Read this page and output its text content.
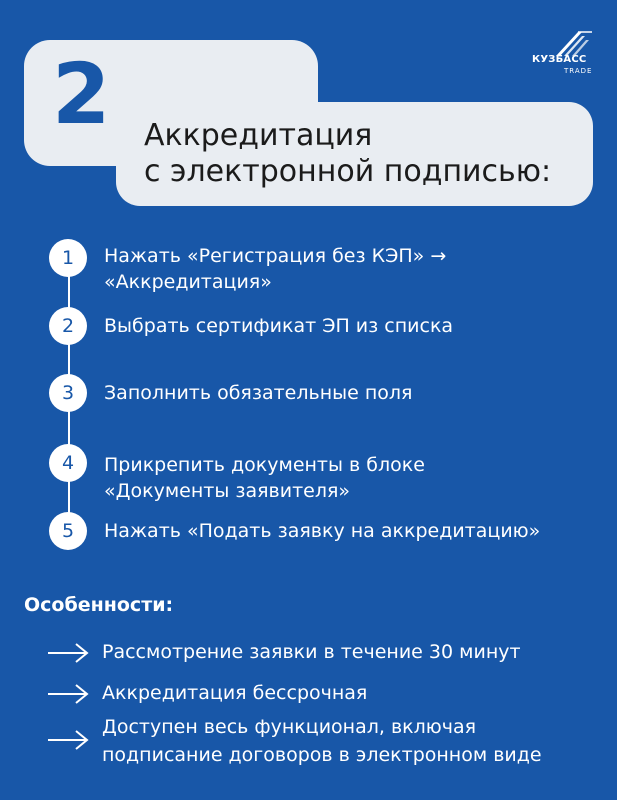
2 Аккредитация
с электронной подписью:
КУЗБАСС
TRADE
1	Нажать «Регистрация без КЭП» →
«Аккредитация»
2	Выбрать сертификат ЭП из списка
3	Заполнить обязательные поля
4	Прикрепить документы в блоке
«Документы заявителя»
5	Нажать «Подать заявку на аккредитацию»
Особенности:
Рассмотрение заявки в течение 30 минут
Аккредитация бессрочная
Доступен весь функционал, включая
подписание договоров в электронном виде
